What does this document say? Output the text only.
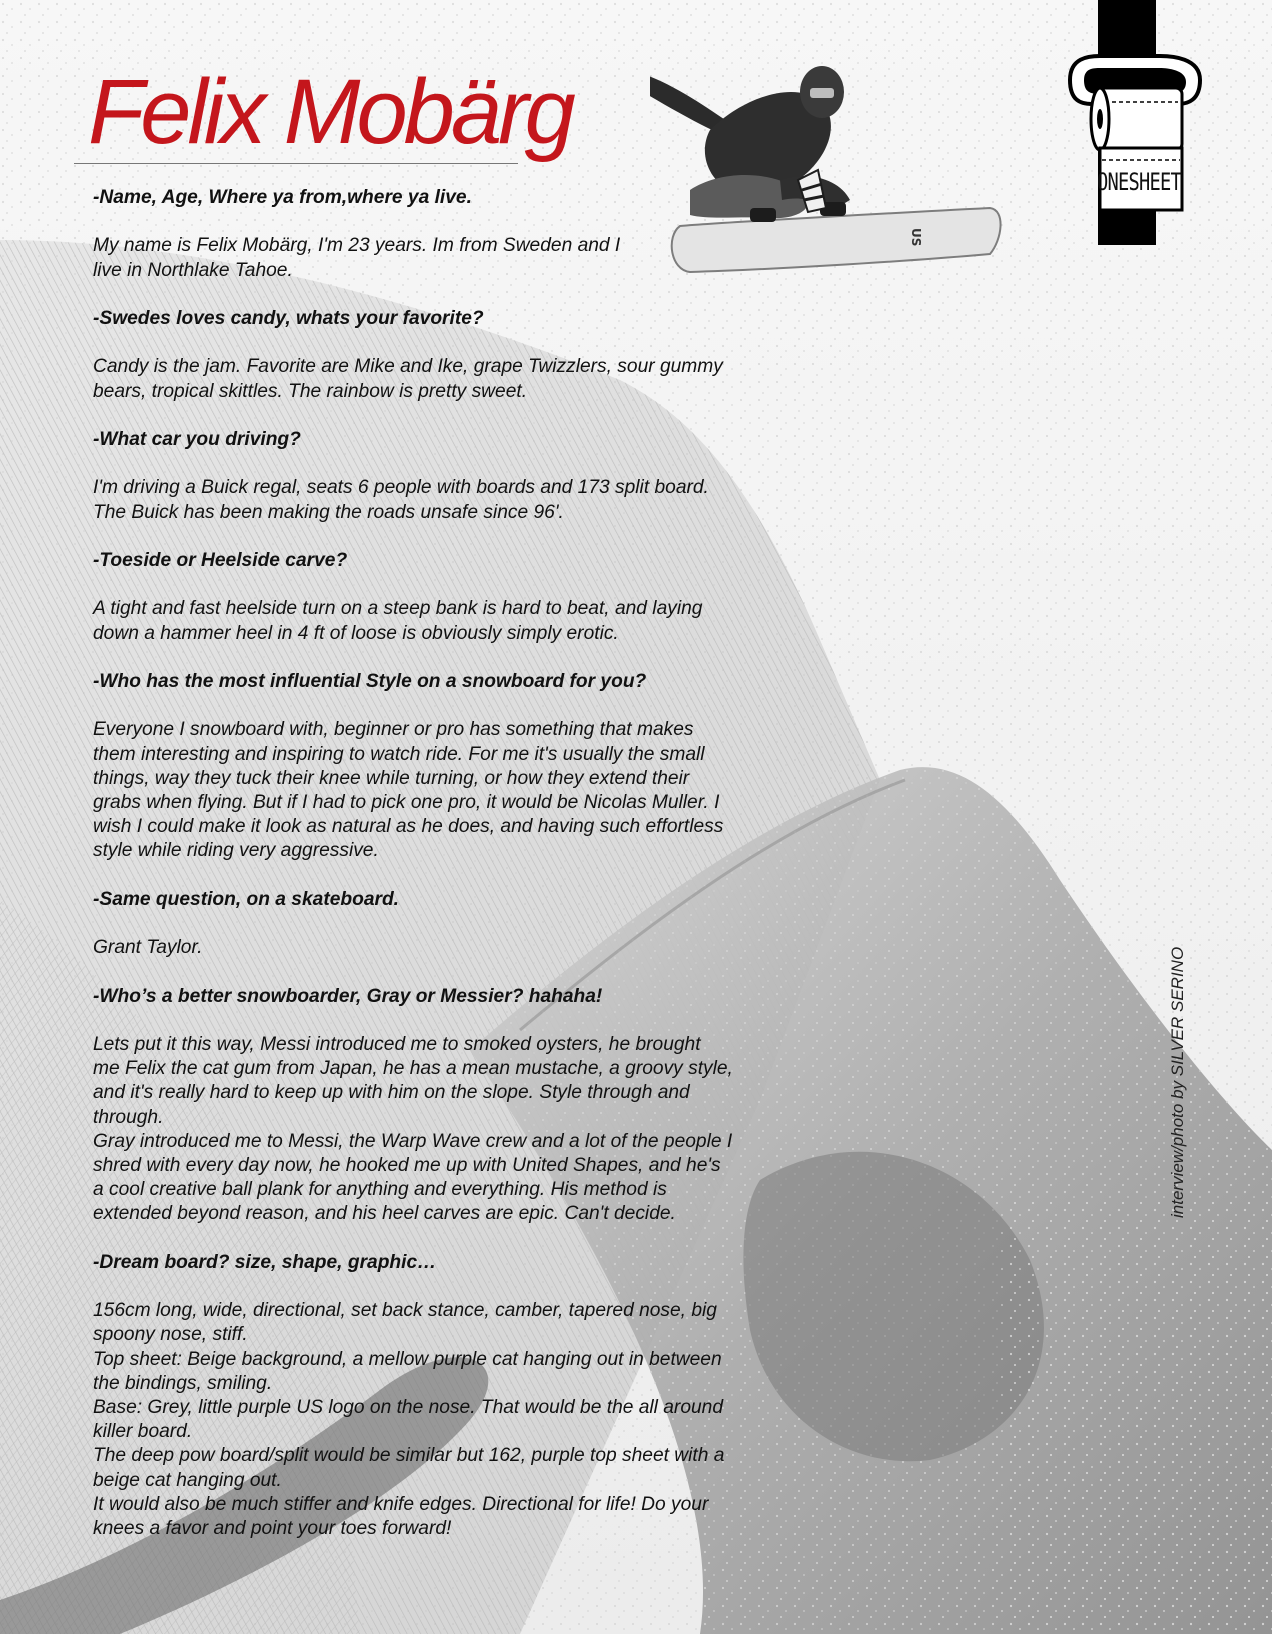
US
ONESHEET
Felix Mobärg

-Name, Age, Where ya from,where ya live.

My name is Felix Mobärg, I'm 23 years. Im from Sweden and I
live in Northlake Tahoe.

-Swedes loves candy, whats your favorite?

Candy is the jam. Favorite are Mike and Ike, grape Twizzlers, sour gummy
bears, tropical skittles. The rainbow is pretty sweet.

-What car you driving?

I'm driving a Buick regal, seats 6 people with boards and 173 split board.
The Buick has been making the roads unsafe since 96'.

-Toeside or Heelside carve?

A tight and fast heelside turn on a steep bank is hard to beat, and laying
down a hammer heel in 4 ft of loose is obviously simply erotic.

-Who has the most influential Style on a snowboard for you?

Everyone I snowboard with, beginner or pro has something that makes
them interesting and inspiring to watch ride. For me it's usually the small
things, way they tuck their knee while turning, or how they extend their
grabs when flying. But if I had to pick one pro, it would be Nicolas Muller. I
wish I could make it look as natural as he does, and having such effortless
style while riding very aggressive.

-Same question, on a skateboard.

Grant Taylor.

-Who’s a better snowboarder, Gray or Messier? hahaha!

Lets put it this way, Messi introduced me to smoked oysters, he brought
me Felix the cat gum from Japan, he has a mean mustache, a groovy style,
and it's really hard to keep up with him on the slope. Style through and
through.
Gray introduced me to Messi, the Warp Wave crew and a lot of the people I
shred with every day now, he hooked me up with United Shapes, and he's
a cool creative ball plank for anything and everything. His method is
extended beyond reason, and his heel carves are epic. Can't decide.

-Dream board? size, shape, graphic…

156cm long, wide, directional, set back stance, camber, tapered nose, big
spoony nose, stiff.
Top sheet: Beige background, a mellow purple cat hanging out in between
the bindings, smiling.
Base: Grey, little purple US logo on the nose. That would be the all around
killer board.
The deep pow board/split would be similar but 162, purple top sheet with a
beige cat hanging out.
It would also be much stiffer and knife edges. Directional for life! Do your
knees a favor and point your toes forward!

interview/photo by SILVER SERINO
